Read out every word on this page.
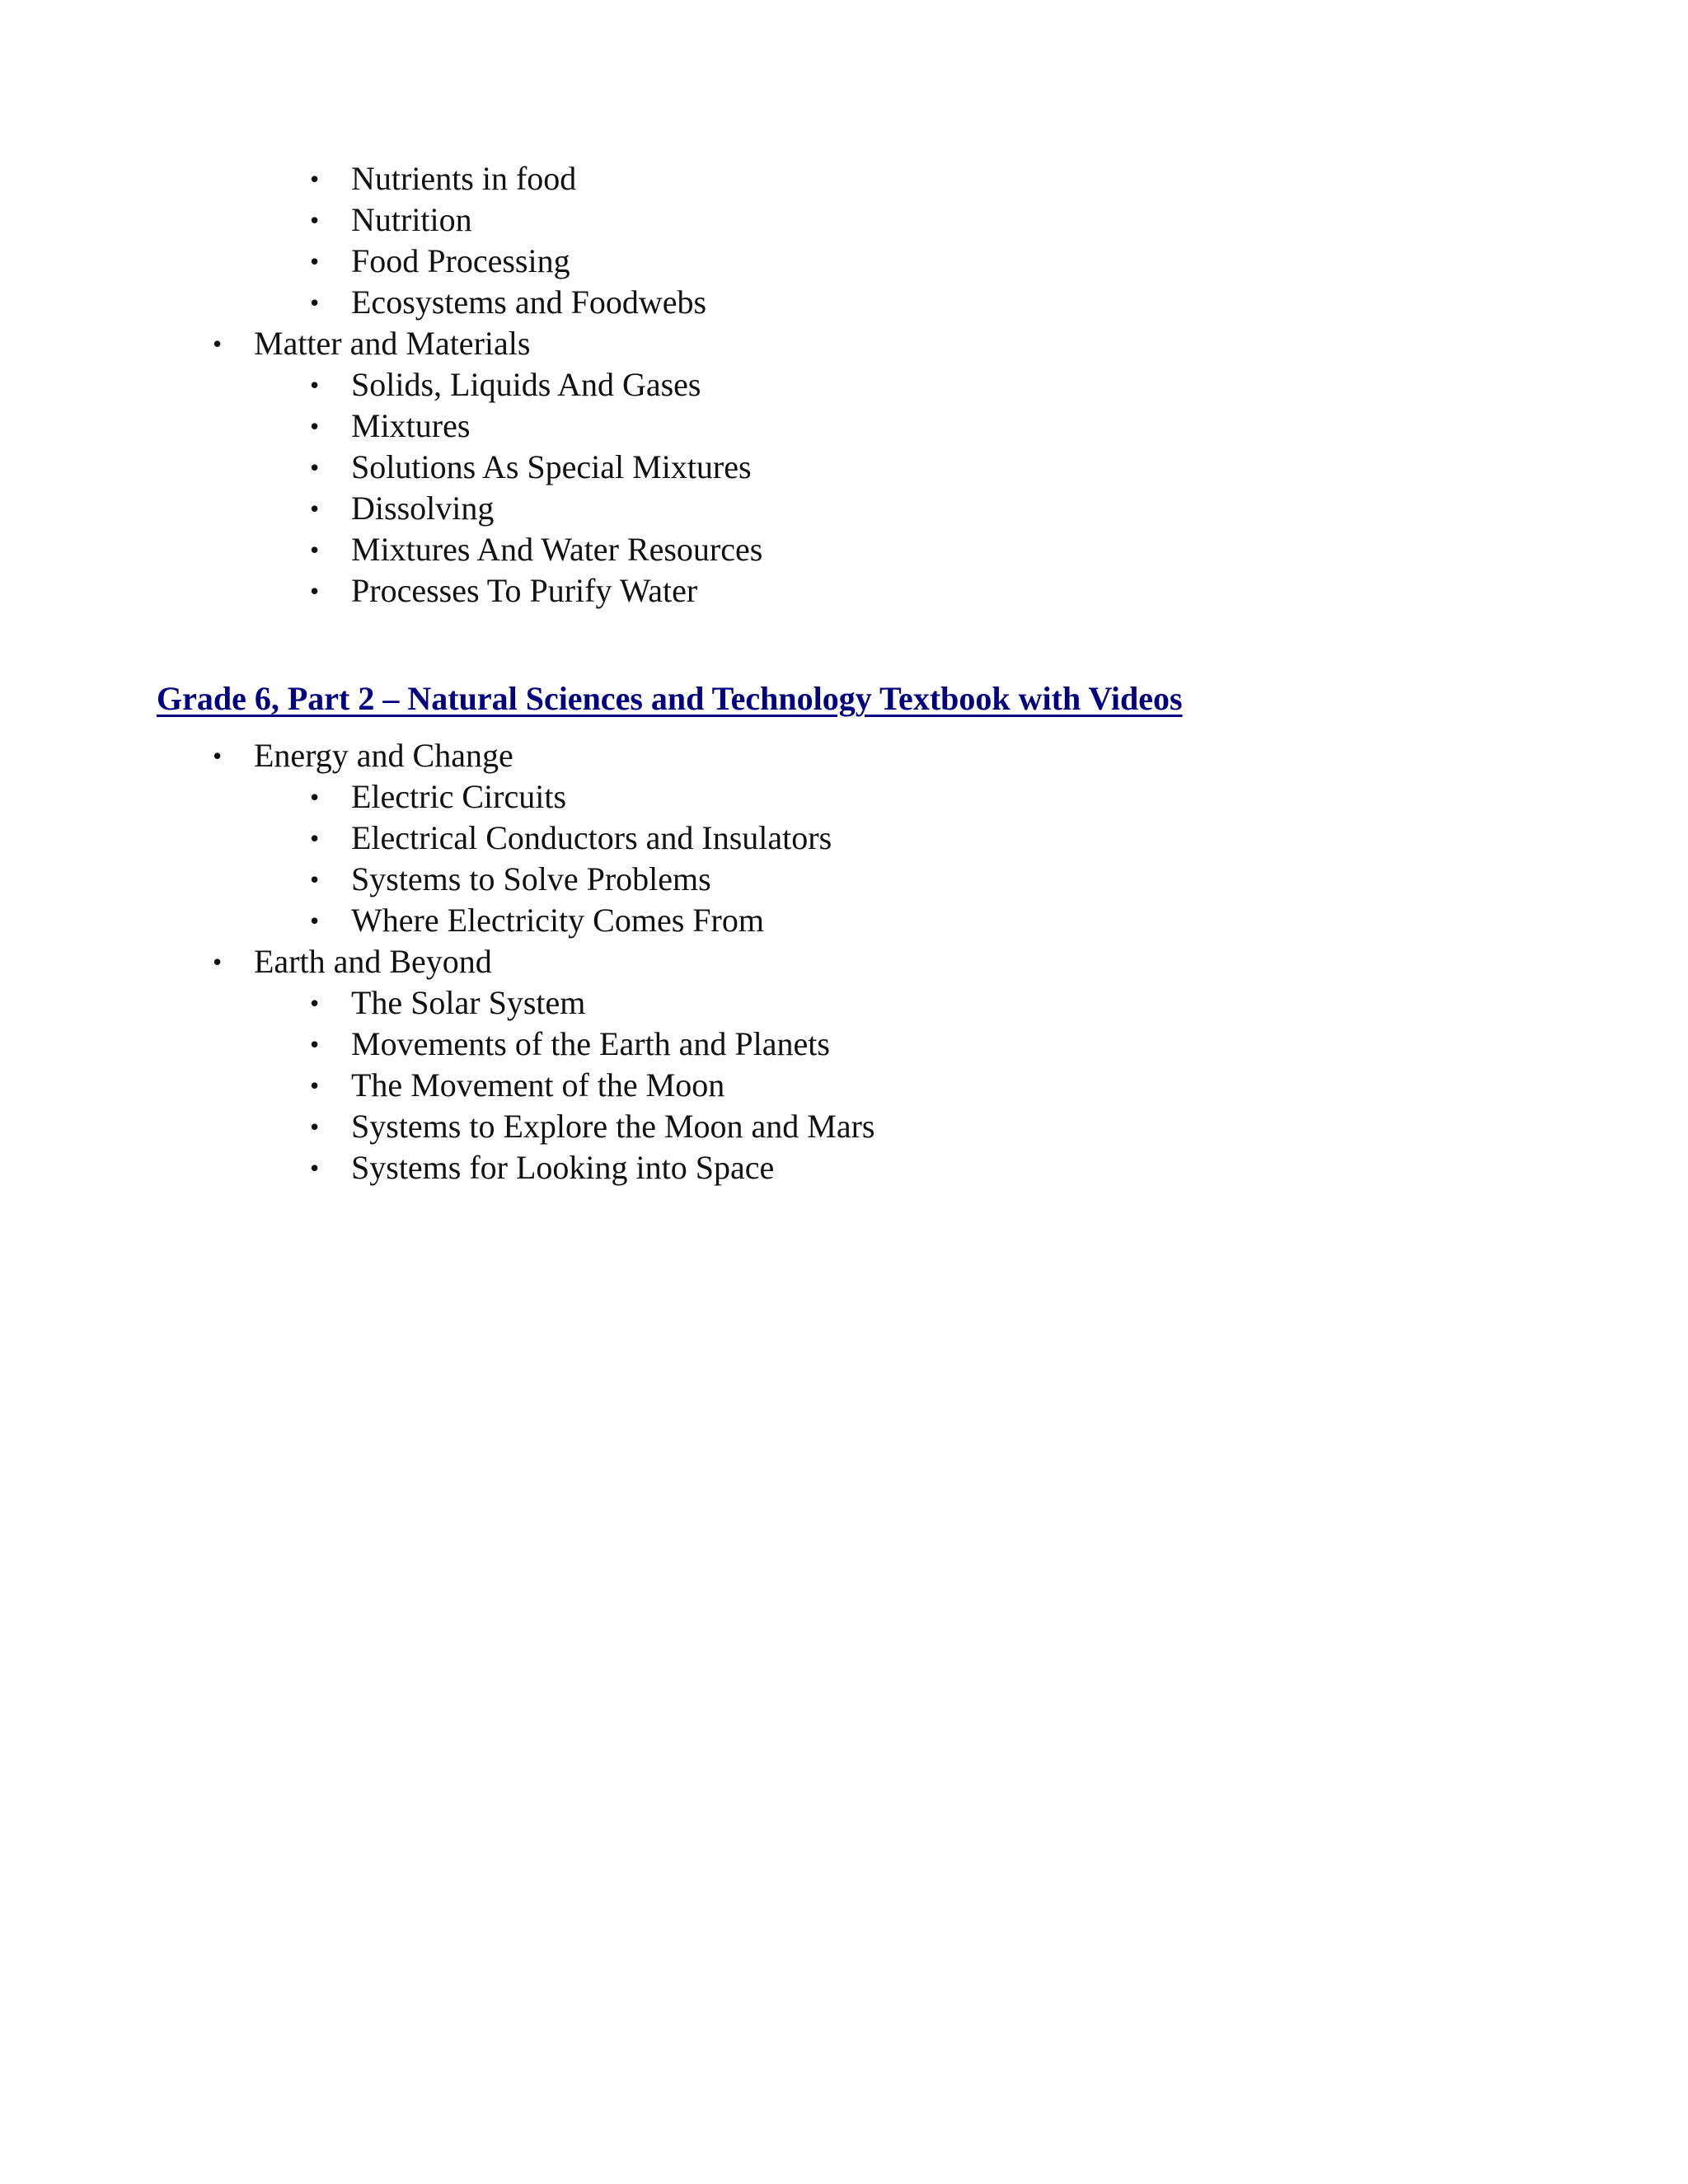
• Nutrients in food
• Nutrition
• Food Processing
• Ecosystems and Foodwebs
• Matter and Materials
• Solids, Liquids And Gases
• Mixtures
• Solutions As Special Mixtures
• Dissolving
• Mixtures And Water Resources
• Processes To Purify Water
Grade 6, Part 2 – Natural Sciences and Technology Textbook with Videos
• Energy and Change
• Electric Circuits
• Electrical Conductors and Insulators
• Systems to Solve Problems
• Where Electricity Comes From
• Earth and Beyond
• The Solar System
• Movements of the Earth and Planets
• The Movement of the Moon
• Systems to Explore the Moon and Mars
• Systems for Looking into Space
